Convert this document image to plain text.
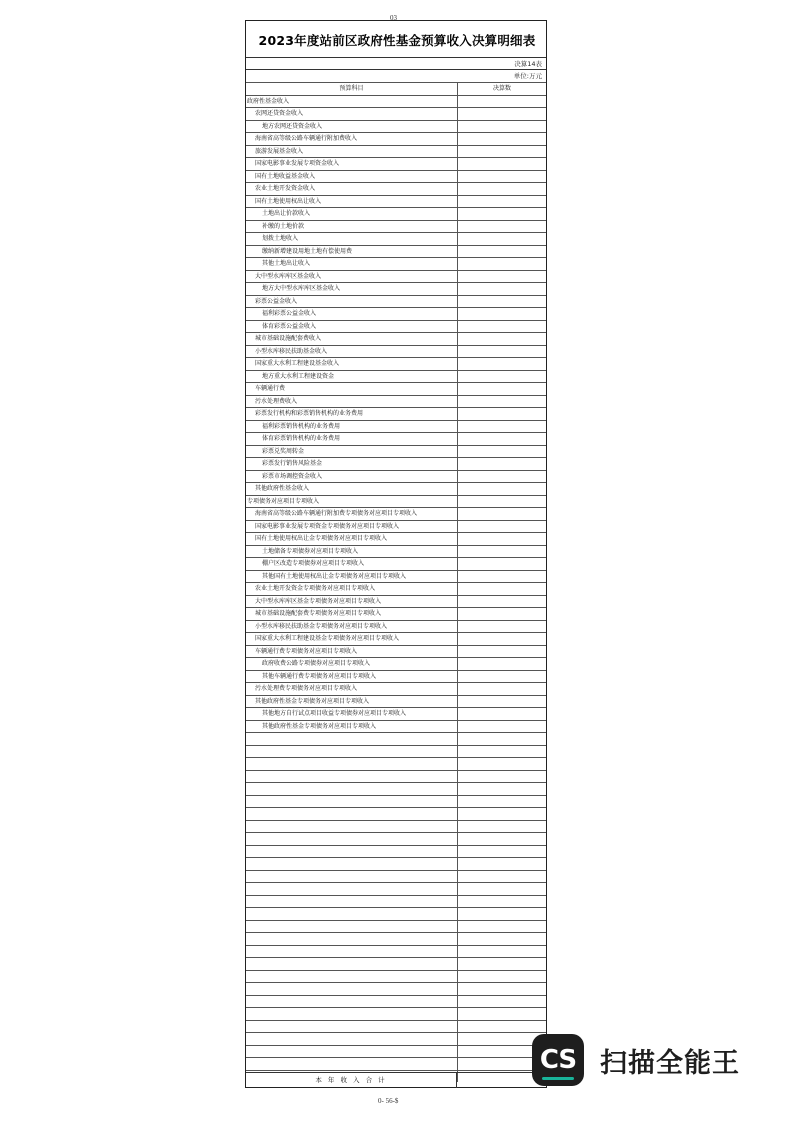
03
2023年度站前区政府性基金预算收入决算明细表
决算14表
单位:万元
预算科目	决算数
政府性基金收入	
农网还贷资金收入	
地方农网还贷资金收入	
海南省高等级公路车辆通行附加费收入	
旅游发展基金收入	
国家电影事业发展专项资金收入	
国有土地收益基金收入	
农业土地开发资金收入	
国有土地使用权出让收入	
土地出让价款收入	
补缴的土地价款	
划拨土地收入	
缴纳新增建设用地土地有偿使用费	
其他土地出让收入	
大中型水库库区基金收入	
地方大中型水库库区基金收入	
彩票公益金收入	
福利彩票公益金收入	
体育彩票公益金收入	
城市基础设施配套费收入	
小型水库移民扶助基金收入	
国家重大水利工程建设基金收入	
地方重大水利工程建设资金	
车辆通行费	
污水处理费收入	
彩票发行机构和彩票销售机构的业务费用	
福利彩票销售机构的业务费用	
体育彩票销售机构的业务费用	
彩票兑奖周转金	
彩票发行销售风险基金	
彩票市场调控资金收入	
其他政府性基金收入	
专项债务对应项目专项收入	
海南省高等级公路车辆通行附加费专项债务对应项目专项收入	
国家电影事业发展专项资金专项债务对应项目专项收入	
国有土地使用权出让金专项债务对应项目专项收入	
土地储备专项债券对应项目专项收入	
棚户区改造专项债券对应项目专项收入	
其他国有土地使用权出让金专项债务对应项目专项收入	
农业土地开发资金专项债务对应项目专项收入	
大中型水库库区基金专项债务对应项目专项收入	
城市基础设施配套费专项债务对应项目专项收入	
小型水库移民扶助基金专项债务对应项目专项收入	
国家重大水利工程建设基金专项债务对应项目专项收入	
车辆通行费专项债务对应项目专项收入	
政府收费公路专项债券对应项目专项收入	
其他车辆通行费专项债务对应项目专项收入	
污水处理费专项债务对应项目专项收入	
其他政府性基金专项债务对应项目专项收入	
其他地方自行试点项目收益专项债券对应项目专项收入	
其他政府性基金专项债务对应项目专项收入	

本 年 收 入 合 计
0- 56-$
CS 扫描全能王
